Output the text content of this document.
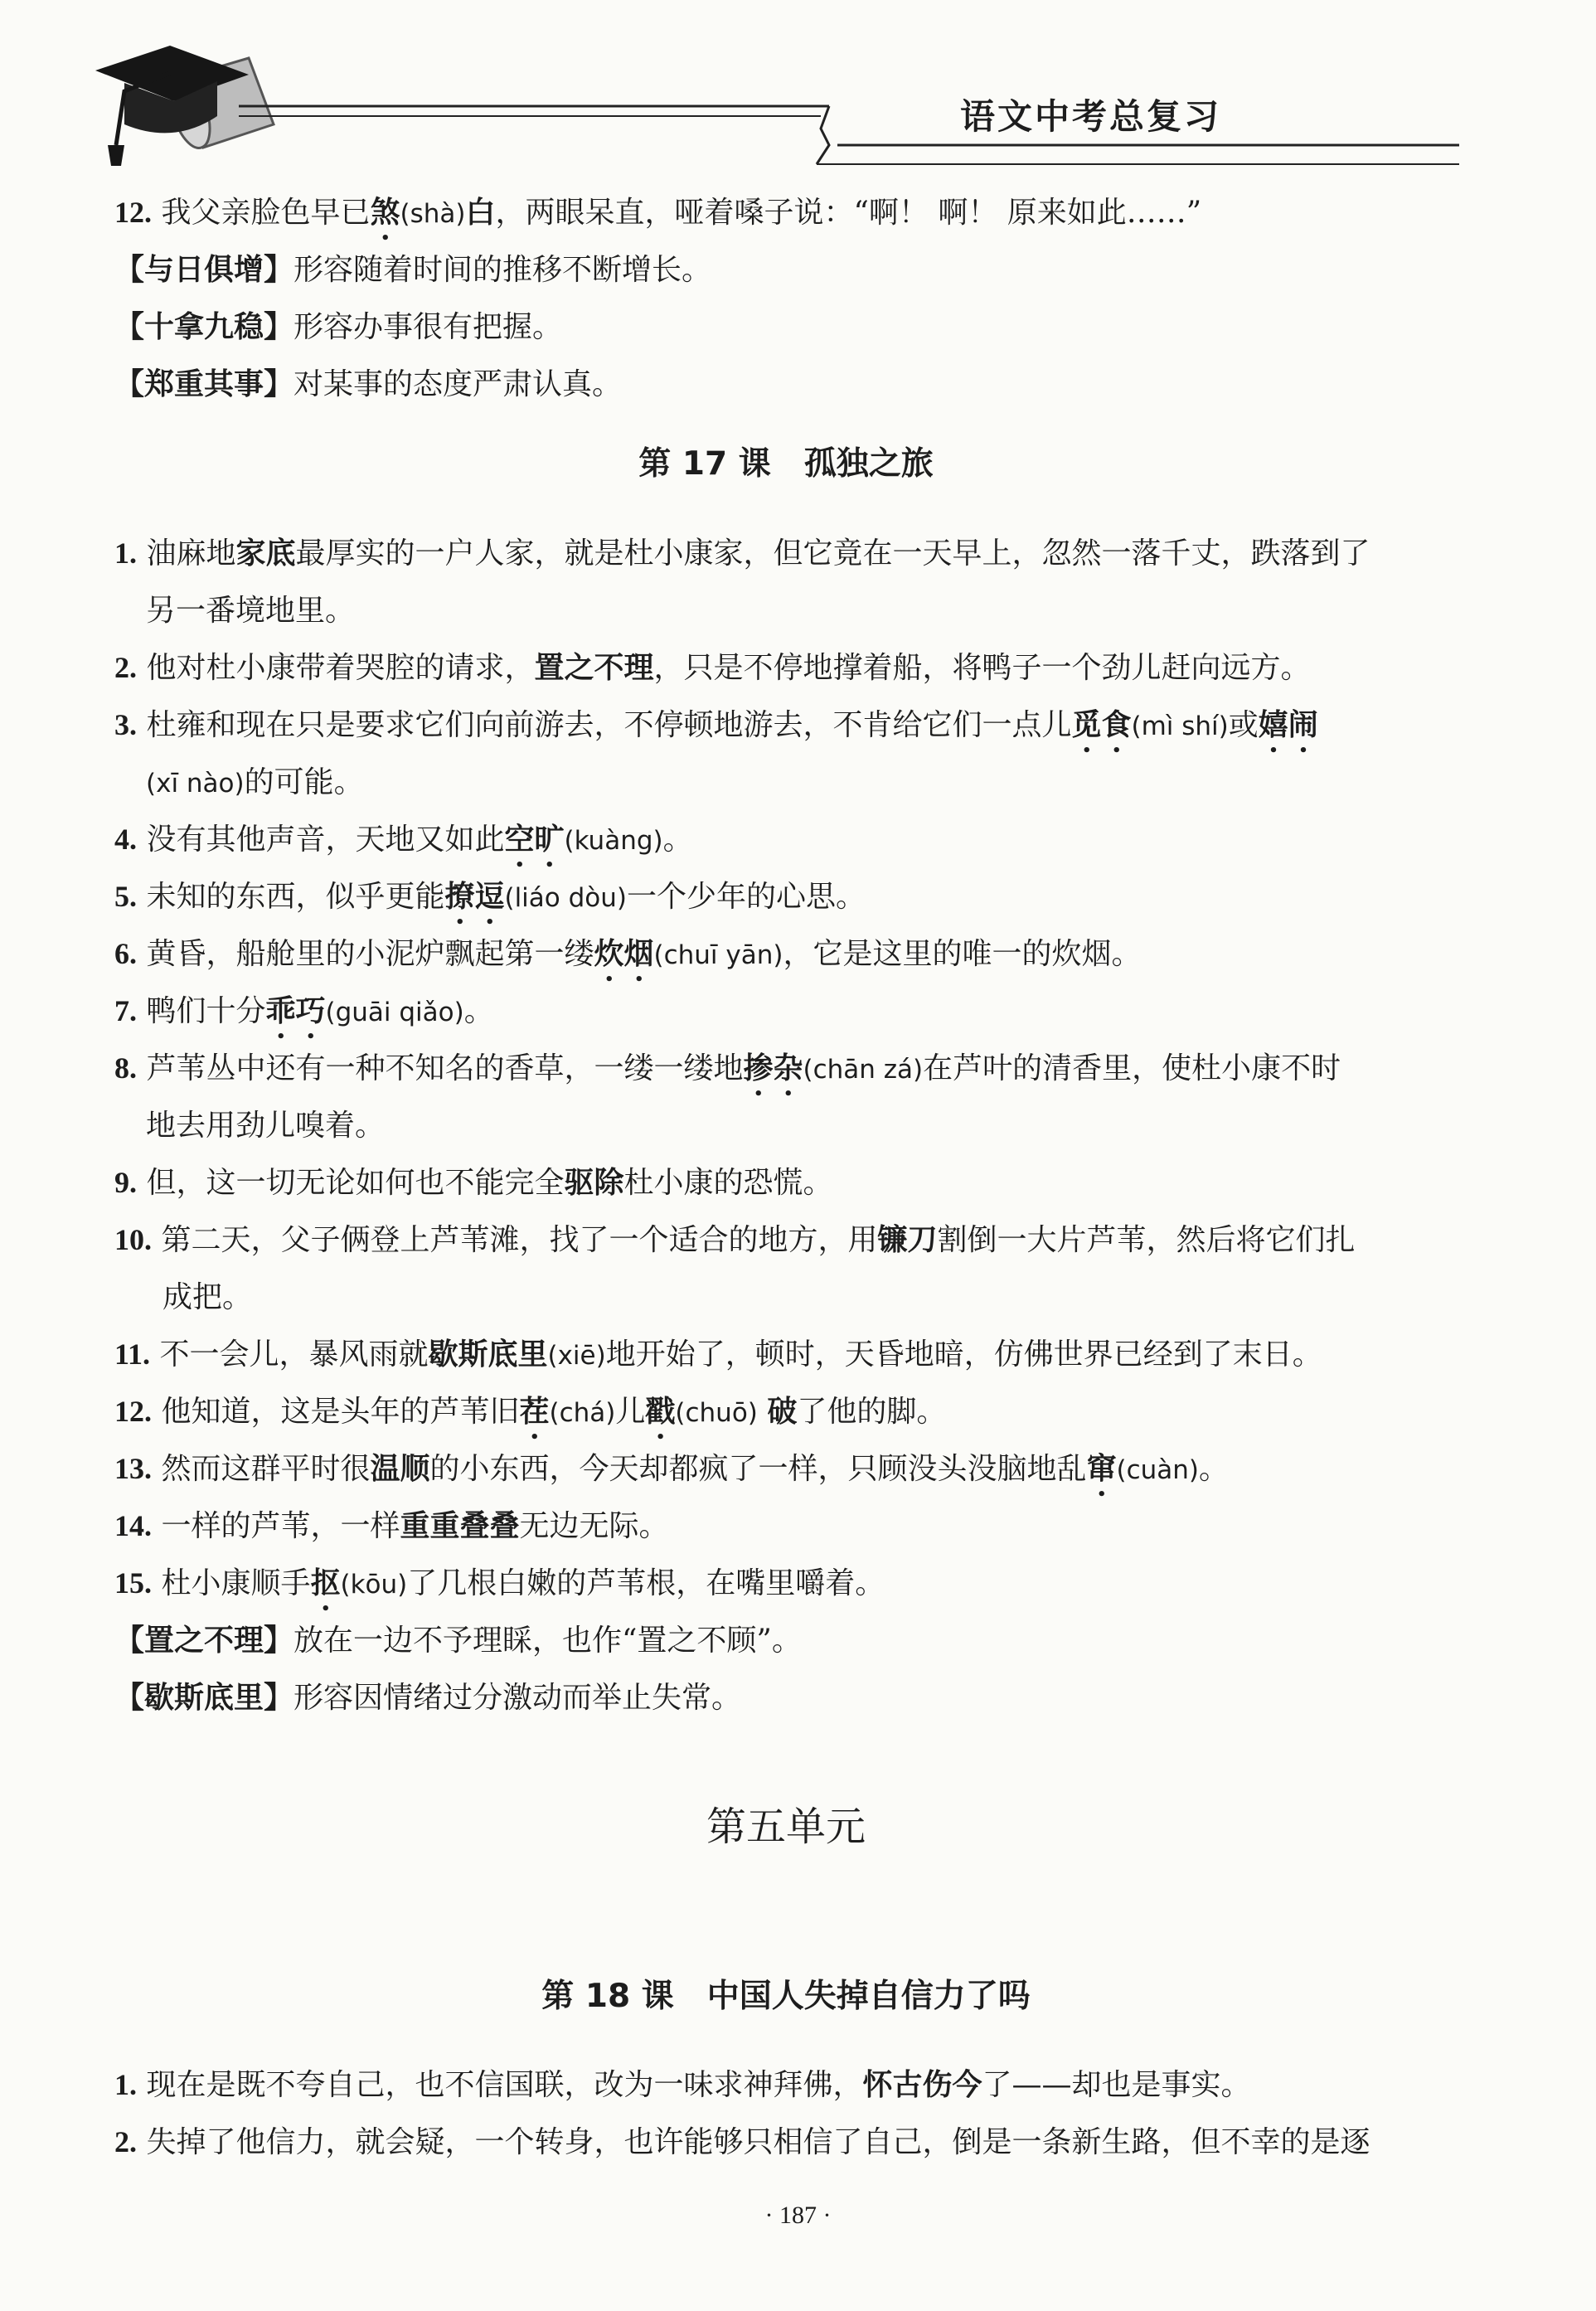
语文中考总复习
12. 我父亲脸色早已煞(shà)白，两眼呆直，哑着嗓子说：“啊！ 啊！ 原来如此……”
【与日俱增】形容随着时间的推移不断增长。
【十拿九稳】形容办事很有把握。
【郑重其事】对某事的态度严肃认真。
第 17 课 孤独之旅
1. 油麻地家底最厚实的一户人家，就是杜小康家，但它竟在一天早上，忽然一落千丈，跌落到了
另一番境地里。
2. 他对杜小康带着哭腔的请求，置之不理，只是不停地撑着船，将鸭子一个劲儿赶向远方。
3. 杜雍和现在只是要求它们向前游去，不停顿地游去，不肯给它们一点儿觅食(mì shí)或嬉闹
(xī nào)的可能。
4. 没有其他声音，天地又如此空旷(kuàng)。
5. 未知的东西，似乎更能撩逗(liáo dòu)一个少年的心思。
6. 黄昏，船舱里的小泥炉飘起第一缕炊烟(chuī yān)，它是这里的唯一的炊烟。
7. 鸭们十分乖巧(guāi qiǎo)。
8. 芦苇丛中还有一种不知名的香草，一缕一缕地掺杂(chān zá)在芦叶的清香里，使杜小康不时
地去用劲儿嗅着。
9. 但，这一切无论如何也不能完全驱除杜小康的恐慌。
10. 第二天，父子俩登上芦苇滩，找了一个适合的地方，用镰刀割倒一大片芦苇，然后将它们扎
成把。
11. 不一会儿，暴风雨就歇斯底里(xiē)地开始了，顿时，天昏地暗，仿佛世界已经到了末日。
12. 他知道，这是头年的芦苇旧茬(chá)儿戳(chuō) 破了他的脚。
13. 然而这群平时很温顺的小东西，今天却都疯了一样，只顾没头没脑地乱窜(cuàn)。
14. 一样的芦苇，一样重重叠叠无边无际。
15. 杜小康顺手抠(kōu)了几根白嫩的芦苇根，在嘴里嚼着。
【置之不理】放在一边不予理睬，也作“置之不顾”。
【歇斯底里】形容因情绪过分激动而举止失常。
第五单元
第 18 课 中国人失掉自信力了吗
1. 现在是既不夸自己，也不信国联，改为一味求神拜佛，怀古伤今了——却也是事实。
2. 失掉了他信力，就会疑，一个转身，也许能够只相信了自己，倒是一条新生路，但不幸的是逐
· 187 ·
